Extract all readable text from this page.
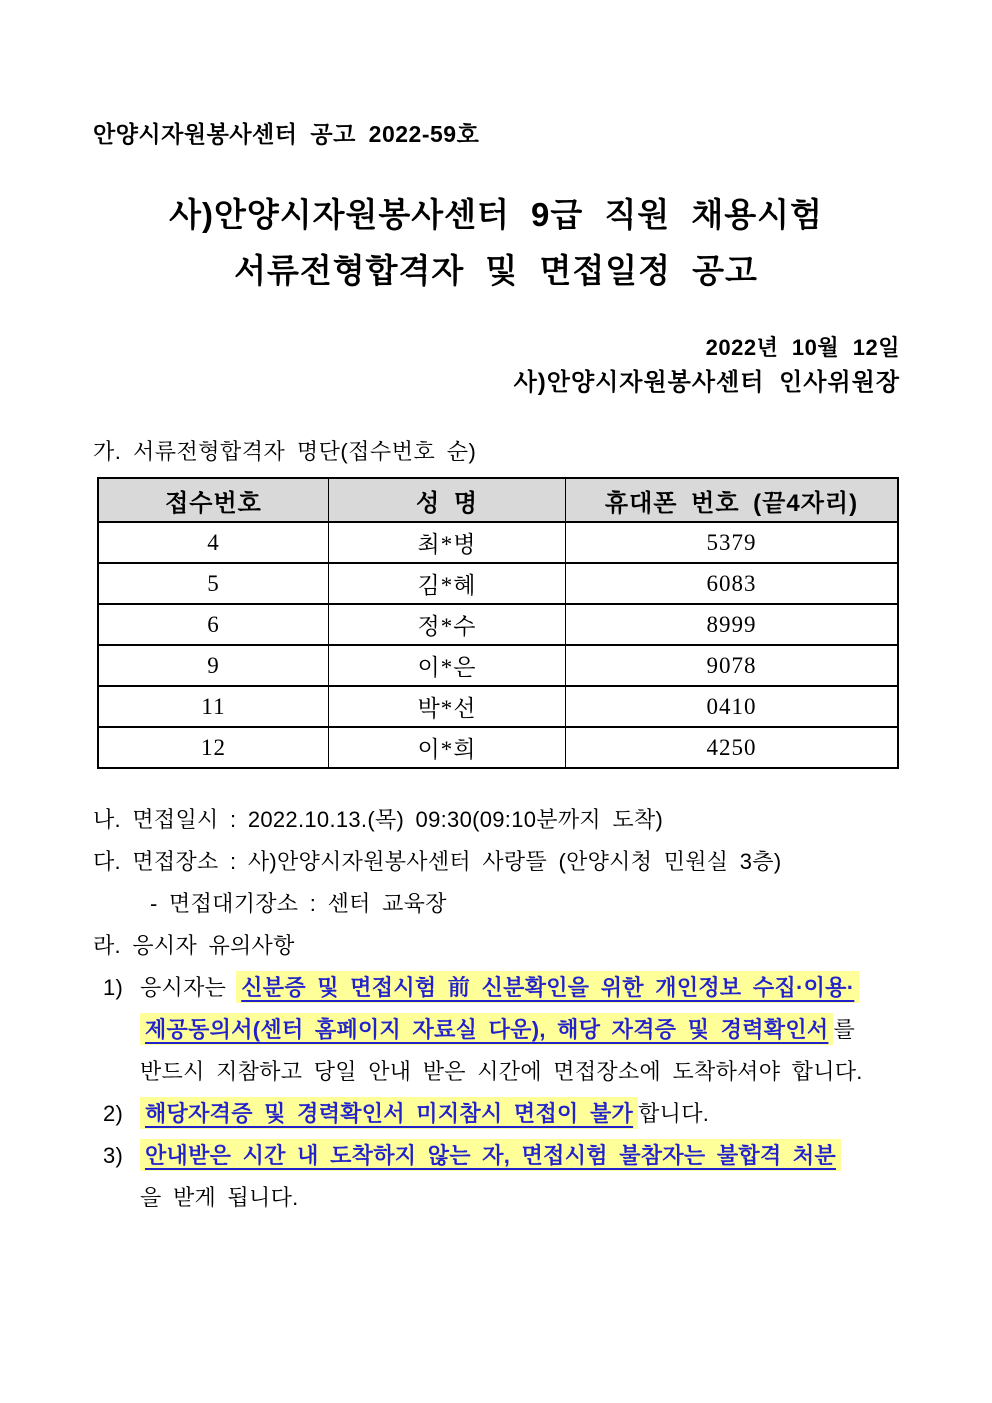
안양시자원봉사센터 공고 2022-59호
사)안양시자원봉사센터 9급 직원 채용시험
서류전형합격자 및 면접일정 공고
2022년 10월 12일
사)안양시자원봉사센터 인사위원장
가. 서류전형합격자 명단(접수번호 순)
접수번호	성 명	휴대폰 번호 (끝4자리)
4	최*병	5379
5	김*혜	6083
6	정*수	8999
9	이*은	9078
11	박*선	0410
12	이*희	4250
나. 면접일시 : 2022.10.13.(목) 09:30(09:10분까지 도착)
다. 면접장소 : 사)안양시자원봉사센터 사랑뜰 (안양시청 민원실 3층)
- 면접대기장소 : 센터 교육장
라. 응시자 유의사항
1) 응시자는 신분증 및 면접시험 前 신분확인을 위한 개인정보 수집·이용·
제공동의서(센터 홈페이지 자료실 다운), 해당 자격증 및 경력확인서 를
반드시 지참하고 당일 안내 받은 시간에 면접장소에 도착하셔야 합니다.
2) 해당자격증 및 경력확인서 미지참시 면접이 불가 합니다.
3) 안내받은 시간 내 도착하지 않는 자, 면접시험 불참자는 불합격 처분
을 받게 됩니다.
